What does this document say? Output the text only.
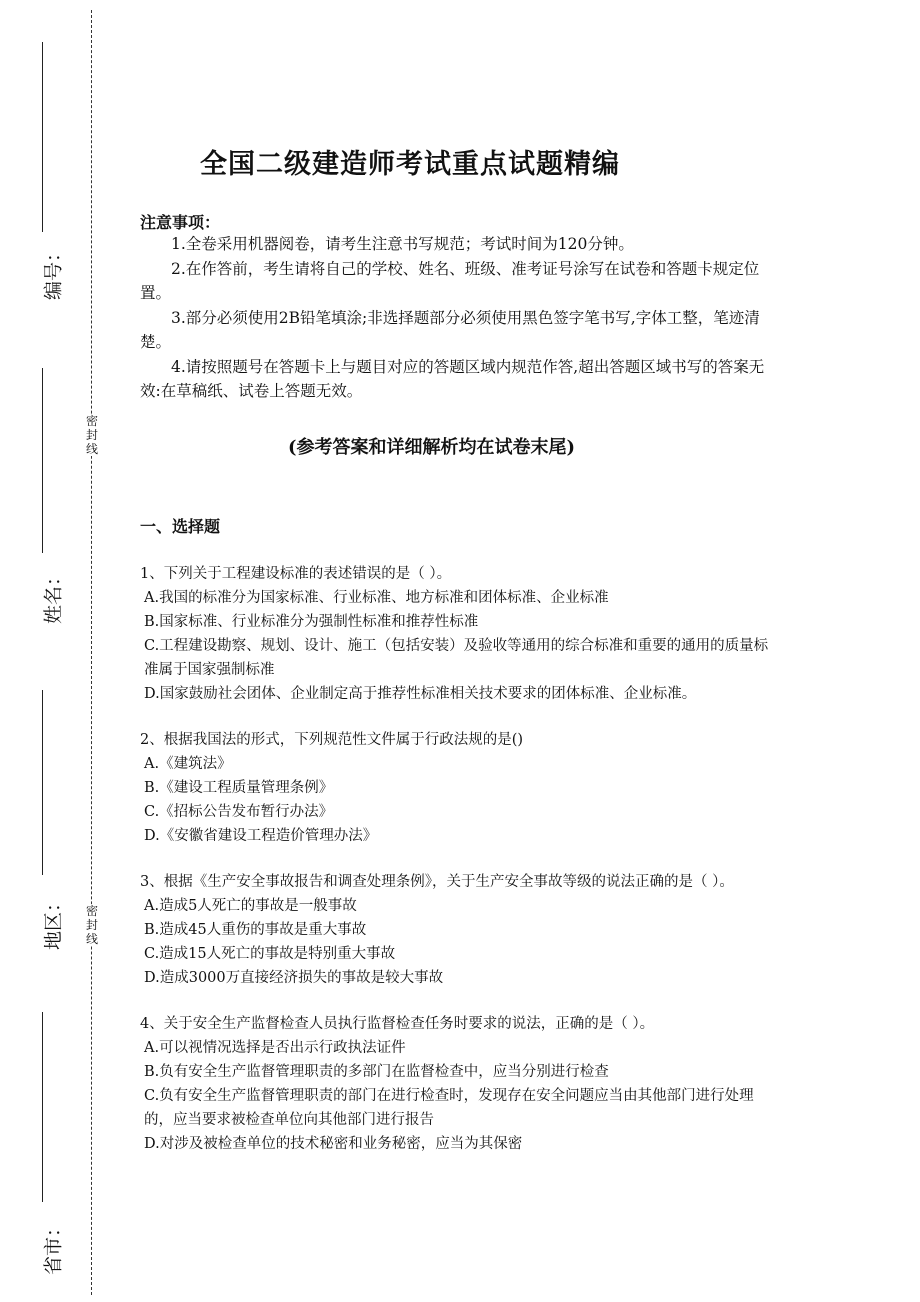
编号：
姓名：
地区：
省市：
密封线
密封线
全国二级建造师考试重点试题精编
注意事项：

1.全卷采用机器阅卷，请考生注意书写规范；考试时间为120分钟。

2.在作答前，考生请将自己的学校、姓名、班级、准考证号涂写在试卷和答题卡规定位置。

3.部分必须使用2B铅笔填涂;非选择题部分必须使用黑色签字笔书写,字体工整，笔迹清楚。

4.请按照题号在答题卡上与题目对应的答题区域内规范作答,超出答题区域书写的答案无效:在草稿纸、试卷上答题无效。

(参考答案和详细解析均在试卷末尾)
一、选择题

1、下列关于工程建设标准的表述错误的是（ ）。

A.我国的标准分为国家标准、行业标准、地方标准和团体标准、企业标准

B.国家标准、行业标准分为强制性标准和推荐性标准

C.工程建设勘察、规划、设计、施工（包括安装）及验收等通用的综合标准和重要的通用的质量标准属于国家强制标准

D.国家鼓励社会团体、企业制定高于推荐性标准相关技术要求的团体标准、企业标准。

2、根据我国法的形式，下列规范性文件属于行政法规的是()

A.《建筑法》

B.《建设工程质量管理条例》

C.《招标公告发布暂行办法》

D.《安徽省建设工程造价管理办法》

3、根据《生产安全事故报告和调查处理条例》，关于生产安全事故等级的说法正确的是（ ）。

A.造成5人死亡的事故是一般事故

B.造成45人重伤的事故是重大事故

C.造成15人死亡的事故是特别重大事故

D.造成3000万直接经济损失的事故是较大事故

4、关于安全生产监督检查人员执行监督检查任务时要求的说法，正确的是（ ）。

A.可以视情况选择是否出示行政执法证件

B.负有安全生产监督管理职责的多部门在监督检查中，应当分别进行检查

C.负有安全生产监督管理职责的部门在进行检查时，发现存在安全问题应当由其他部门进行处理的，应当要求被检查单位向其他部门进行报告

D.对涉及被检查单位的技术秘密和业务秘密，应当为其保密
